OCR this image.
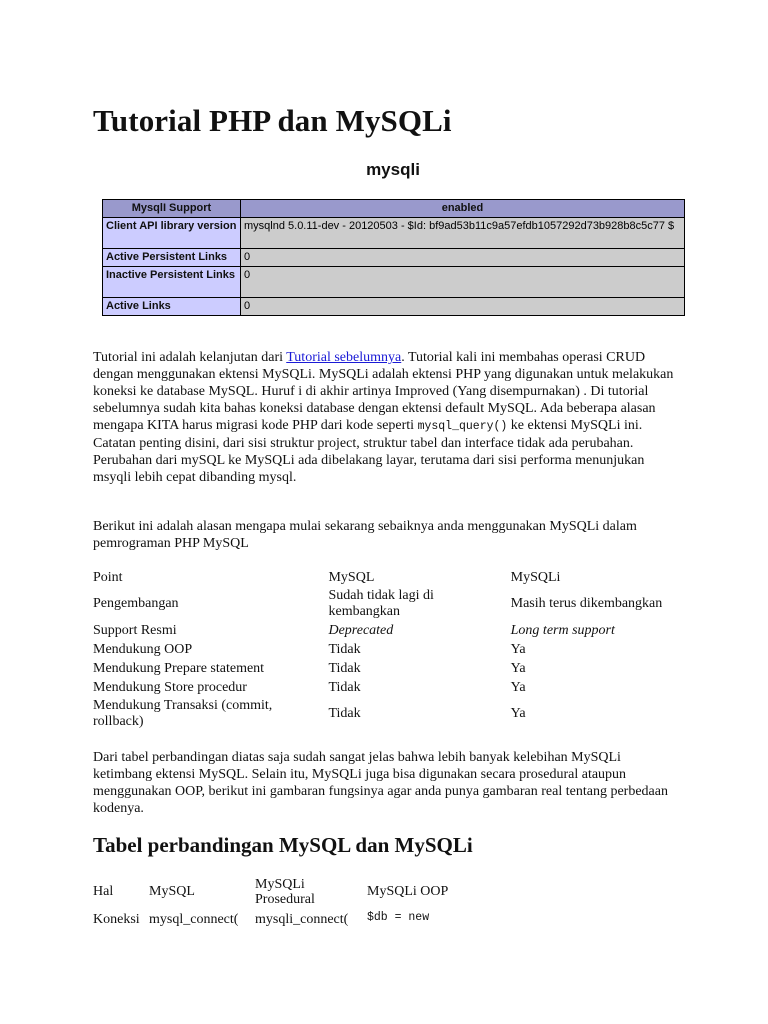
Tutorial PHP dan MySQLi
mysqli
MysqlI Support	enabled
Client API library version	mysqlnd 5.0.11-dev - 20120503 - $Id: bf9ad53b11c9a57efdb1057292d73b928b8c5c77 $
Active Persistent Links	0
Inactive Persistent Links	0
Active Links	0

Tutorial ini adalah kelanjutan dari Tutorial sebelumnya. Tutorial kali ini membahas operasi CRUD dengan menggunakan ektensi MySQLi. MySQLi adalah ektensi PHP yang digunakan untuk melakukan koneksi ke database MySQL. Huruf i di akhir artinya Improved (Yang disempurnakan) . Di tutorial sebelumnya sudah kita bahas koneksi database dengan ektensi default MySQL. Ada beberapa alasan mengapa KITA harus migrasi kode PHP dari kode seperti mysql_query() ke ektensi MySQLi ini. Catatan penting disini, dari sisi struktur project, struktur tabel dan interface tidak ada perubahan. Perubahan dari mySQL ke MySQLi ada dibelakang layar, terutama dari sisi performa menunjukan msyqli lebih cepat dibanding mysql.

Berikut ini adalah alasan mengapa mulai sekarang sebaiknya anda menggunakan MySQLi dalam pemrograman PHP MySQL

Point	MySQL	MySQLi
Pengembangan	Sudah tidak lagi di kembangkan	Masih terus dikembangkan
Support Resmi	Deprecated	Long term support
Mendukung OOP	Tidak	Ya
Mendukung Prepare statement	Tidak	Ya
Mendukung Store procedur	Tidak	Ya
Mendukung Transaksi (commit, rollback)	Tidak	Ya

Dari tabel perbandingan diatas saja sudah sangat jelas bahwa lebih banyak kelebihan MySQLi ketimbang ektensi MySQL. Selain itu, MySQLi juga bisa digunakan secara prosedural ataupun menggunakan OOP, berikut ini gambaran fungsinya agar anda punya gambaran real tentang perbedaan kodenya.

Tabel perbandingan MySQL dan MySQLi
Hal	MySQL	MySQLi Prosedural	MySQLi OOP
Koneksi	mysql_connect(	mysqli_connect(	$db = new
